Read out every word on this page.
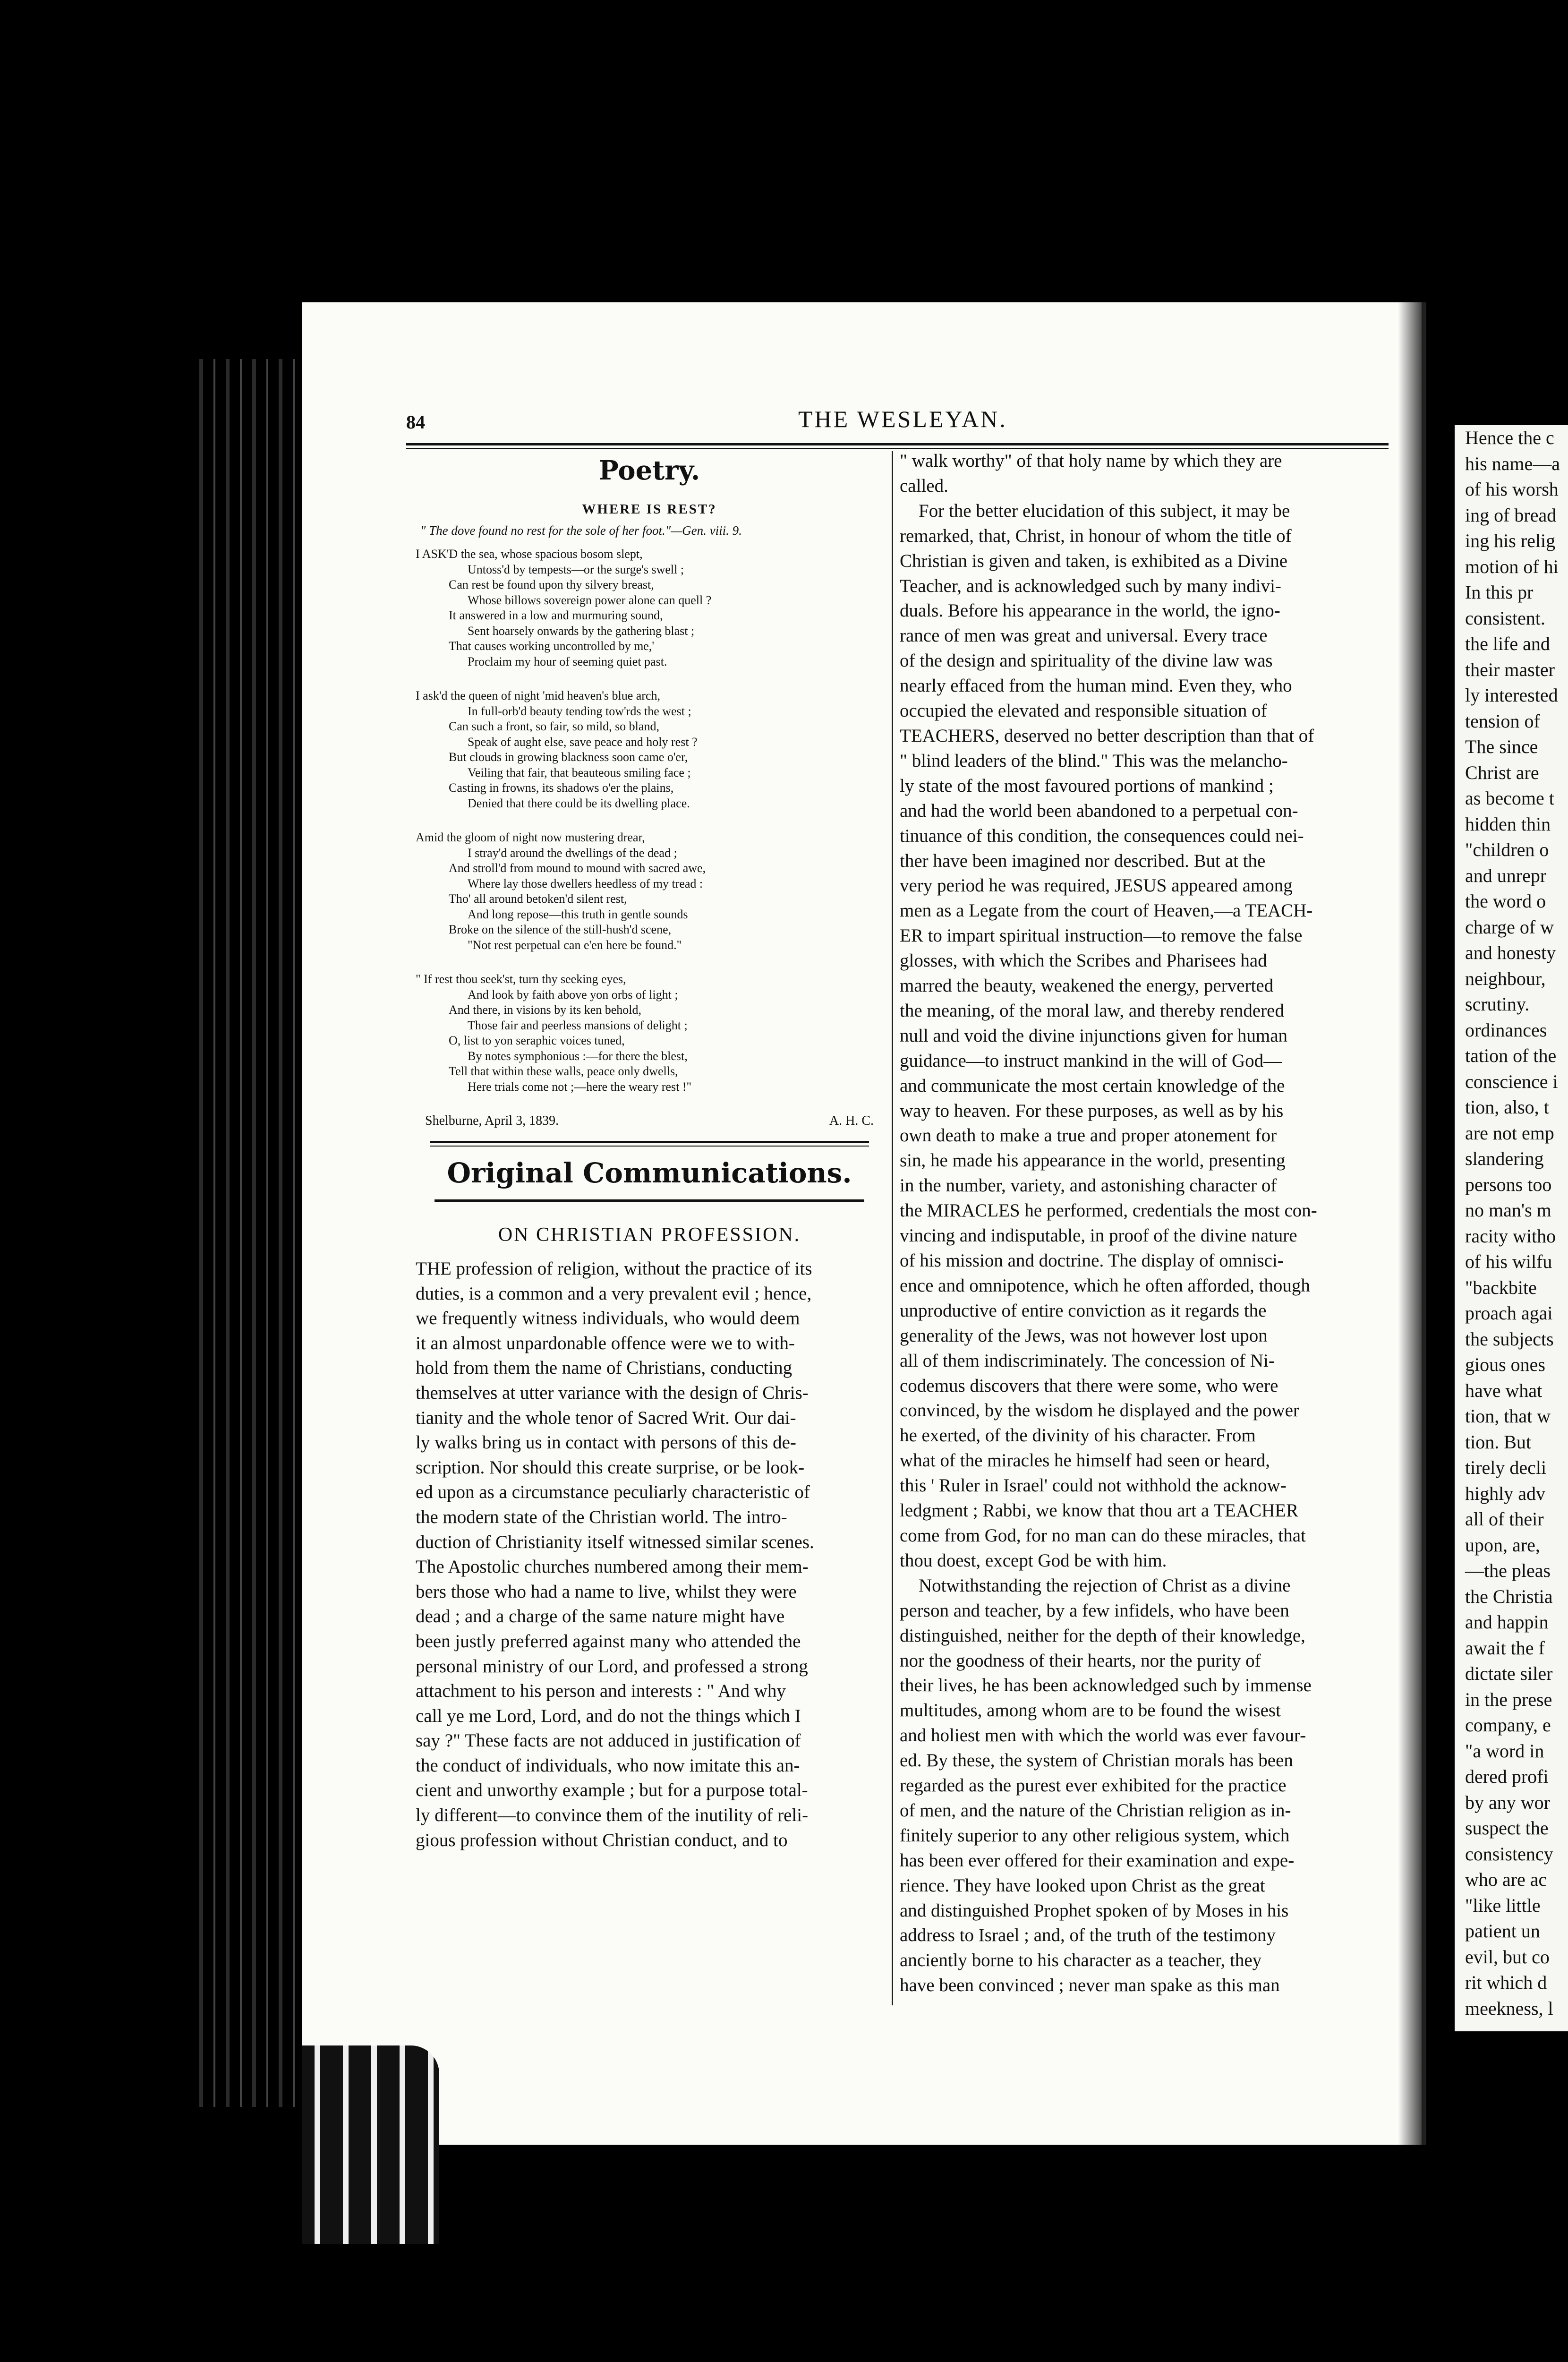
Hence the c

his name—a

of his worsh

ing of bread

ing his relig

motion of hi

In this pr

consistent.

the life and

their master

ly interested

tension of

The since

Christ are

as become t

hidden thin

"children o

and unrepr

the word o

charge of w

and honesty

neighbour,

scrutiny.

ordinances

tation of the

conscience i

tion, also, t

are not emp

slandering

persons too

no man's m

racity witho

of his wilfu

"backbite

proach agai

the subjects

gious ones

have what

tion, that w

tion. But

tirely decli

highly adv

all of their

upon, are,

—the pleas

the Christia

and happin

await the f

dictate siler

in the prese

company, e

"a word in

dered profi

by any wor

suspect the

consistency

who are ac

"like little

patient un

evil, but co

rit which d

meekness, l

84	THE WESLEYAN.
Poetry.
WHERE IS REST?
" The dove found no rest for the sole of her foot."—Gen. viii. 9.

I ASK'D the sea, whose spacious bosom slept,

Untoss'd by tempests—or the surge's swell ;

Can rest be found upon thy silvery breast,

Whose billows sovereign power alone can quell ?

It answered in a low and murmuring sound,

Sent hoarsely onwards by the gathering blast ;

That causes working uncontrolled by me,'

Proclaim my hour of seeming quiet past.

I ask'd the queen of night 'mid heaven's blue arch,

In full-orb'd beauty tending tow'rds the west ;

Can such a front, so fair, so mild, so bland,

Speak of aught else, save peace and holy rest ?

But clouds in growing blackness soon came o'er,

Veiling that fair, that beauteous smiling face ;

Casting in frowns, its shadows o'er the plains,

Denied that there could be its dwelling place.

Amid the gloom of night now mustering drear,

I stray'd around the dwellings of the dead ;

And stroll'd from mound to mound with sacred awe,

Where lay those dwellers heedless of my tread :

Tho' all around betoken'd silent rest,

And long repose—this truth in gentle sounds

Broke on the silence of the still-hush'd scene,

"Not rest perpetual can e'en here be found."

" If rest thou seek'st, turn thy seeking eyes,

And look by faith above yon orbs of light ;

And there, in visions by its ken behold,

Those fair and peerless mansions of delight ;

O, list to yon seraphic voices tuned,

By notes symphonious :—for there the blest,

Tell that within these walls, peace only dwells,

Here trials come not ;—here the weary rest !"

Shelburne, April 3, 1839.	A. H. C.
Original Communications.
ON CHRISTIAN PROFESSION.

THE profession of religion, without the practice of its

duties, is a common and a very prevalent evil ; hence,

we frequently witness individuals, who would deem

it an almost unpardonable offence were we to with-

hold from them the name of Christians, conducting

themselves at utter variance with the design of Chris-

tianity and the whole tenor of Sacred Writ. Our dai-

ly walks bring us in contact with persons of this de-

scription. Nor should this create surprise, or be look-

ed upon as a circumstance peculiarly characteristic of

the modern state of the Christian world. The intro-

duction of Christianity itself witnessed similar scenes.

The Apostolic churches numbered among their mem-

bers those who had a name to live, whilst they were

dead ; and a charge of the same nature might have

been justly preferred against many who attended the

personal ministry of our Lord, and professed a strong

attachment to his person and interests : " And why

call ye me Lord, Lord, and do not the things which I

say ?" These facts are not adduced in justification of

the conduct of individuals, who now imitate this an-

cient and unworthy example ; but for a purpose total-

ly different—to convince them of the inutility of reli-

gious profession without Christian conduct, and to

" walk worthy" of that holy name by which they are

called.

For the better elucidation of this subject, it may be

remarked, that, Christ, in honour of whom the title of

Christian is given and taken, is exhibited as a Divine

Teacher, and is acknowledged such by many indivi-

duals. Before his appearance in the world, the igno-

rance of men was great and universal. Every trace

of the design and spirituality of the divine law was

nearly effaced from the human mind. Even they, who

occupied the elevated and responsible situation of

TEACHERS, deserved no better description than that of

" blind leaders of the blind." This was the melancho-

ly state of the most favoured portions of mankind ;

and had the world been abandoned to a perpetual con-

tinuance of this condition, the consequences could nei-

ther have been imagined nor described. But at the

very period he was required, JESUS appeared among

men as a Legate from the court of Heaven,—a TEACH-

ER to impart spiritual instruction—to remove the false

glosses, with which the Scribes and Pharisees had

marred the beauty, weakened the energy, perverted

the meaning, of the moral law, and thereby rendered

null and void the divine injunctions given for human

guidance—to instruct mankind in the will of God—

and communicate the most certain knowledge of the

way to heaven. For these purposes, as well as by his

own death to make a true and proper atonement for

sin, he made his appearance in the world, presenting

in the number, variety, and astonishing character of

the MIRACLES he performed, credentials the most con-

vincing and indisputable, in proof of the divine nature

of his mission and doctrine. The display of omnisci-

ence and omnipotence, which he often afforded, though

unproductive of entire conviction as it regards the

generality of the Jews, was not however lost upon

all of them indiscriminately. The concession of Ni-

codemus discovers that there were some, who were

convinced, by the wisdom he displayed and the power

he exerted, of the divinity of his character. From

what of the miracles he himself had seen or heard,

this ' Ruler in Israel' could not withhold the acknow-

ledgment ; Rabbi, we know that thou art a TEACHER

come from God, for no man can do these miracles, that

thou doest, except God be with him.

Notwithstanding the rejection of Christ as a divine

person and teacher, by a few infidels, who have been

distinguished, neither for the depth of their knowledge,

nor the goodness of their hearts, nor the purity of

their lives, he has been acknowledged such by immense

multitudes, among whom are to be found the wisest

and holiest men with which the world was ever favour-

ed. By these, the system of Christian morals has been

regarded as the purest ever exhibited for the practice

of men, and the nature of the Christian religion as in-

finitely superior to any other religious system, which

has been ever offered for their examination and expe-

rience. They have looked upon Christ as the great

and distinguished Prophet spoken of by Moses in his

address to Israel ; and, of the truth of the testimony

anciently borne to his character as a teacher, they

have been convinced ; never man spake as this man
